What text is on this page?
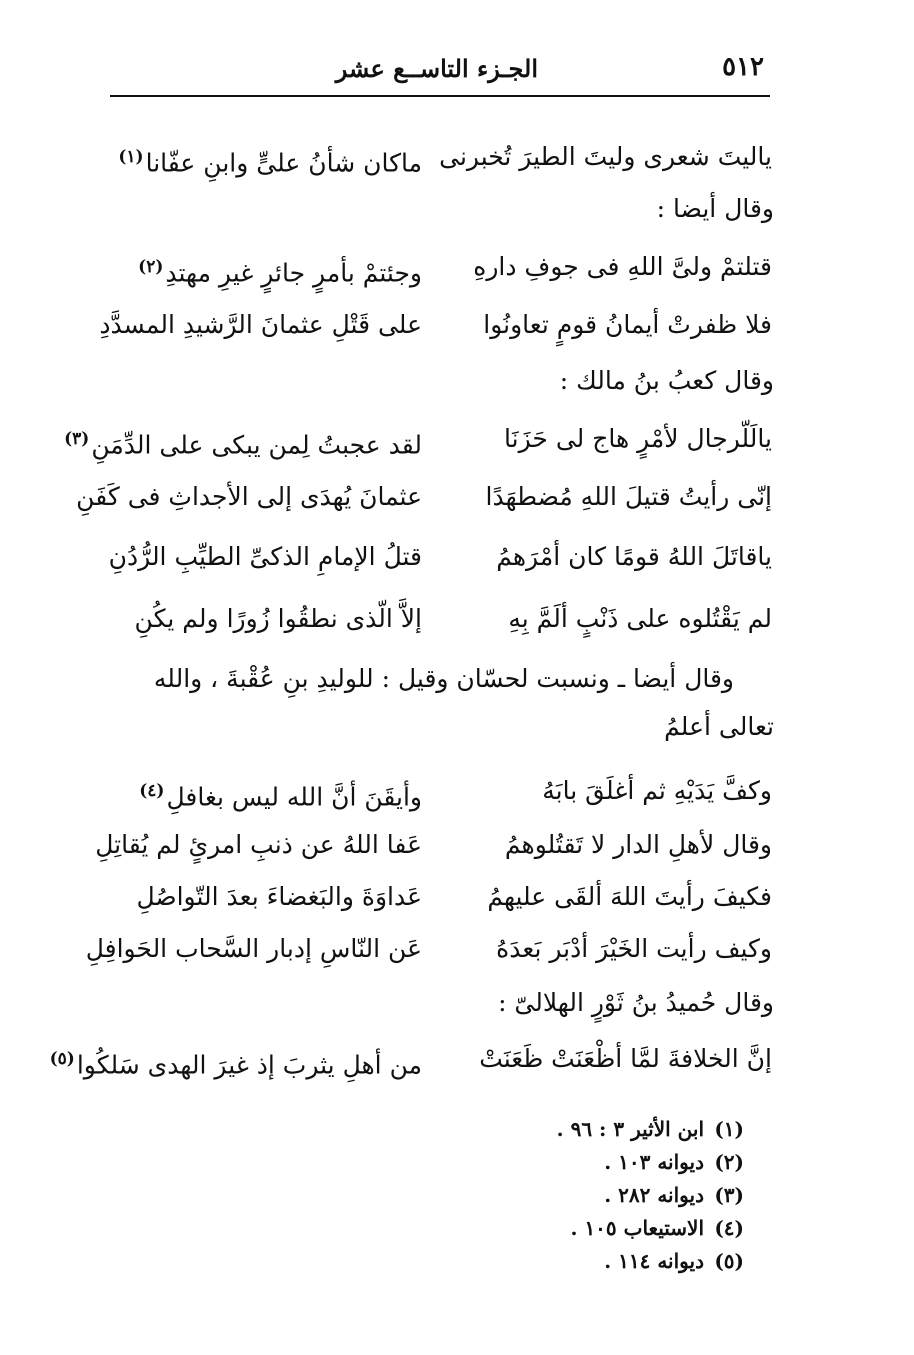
٥١٢
الجـزء التاســع عشر
ياليتَ شعرى وليتَ الطيرَ تُخبرنى
ماكان شأنُ علىٍّ وابنِ عفّانا$^{(١)}$
وقال أيضا :
قتلتمْ ولىَّ اللهِ فى جوفِ دارهِ
وجئتمْ بأمرٍ جائرٍ غيرِ مهتدِ$^{(٢)}$
فلا ظفرتْ أيمانُ قومٍ تعاونُوا
على قَتْلِ عثمانَ الرَّشيدِ المسدَّدِ
وقال كعبُ بنُ مالك :
يالَلّرجال لأمْرٍ هاج لى حَزَنَا
لقد عجبتُ لِمن يبكى على الدِّمَنِ$^{(٣)}$
إنّى رأيتُ قتيلَ اللهِ مُضطهَدًا
عثمانَ يُهدَى إلى الأجداثِ فى كَفَنِ
ياقاتَلَ اللهُ قومًا كان أمْرَهمُ
قتلُ الإمامِ الذكىِّ الطيِّبِ الرُّدُنِ
لم يَقْتُلوه على ذَنْبٍ ألَمَّ بِهِ
إلاَّ الّذى نطقُوا زُورًا ولم يكُنِ
وقال أيضا ـ ونسبت لحسّان وقيل : للوليدِ بنِ عُقْبةَ ، والله
تعالى أعلمُ
وكفَّ يَدَيْهِ ثم أغلَقَ بابَهُ
وأيقَنَ أنَّ الله ليس بغافلِ$^{(٤)}$
وقال لأهلِ الدار لا تَقتُلوهمُ
عَفا اللهُ عن ذنبِ امرئٍ لم يُقاتِلِ
فكيفَ رأيتَ اللهَ ألقَى عليهمُ
عَداوَةَ والبَغضاءَ بعدَ التّواصُلِ
وكيف رأيت الخَيْرَ أدْبَر بَعدَهُ
عَن النّاسِ إدبار السَّحاب الحَوافِلِ
وقال حُميدُ بنُ ثَوْرٍ الهلالىّ :
إنَّ الخلافةَ لمَّا أظْعَنَتْ ظَعَنَتْ
من أهلِ يثربَ إذ غيرَ الهدى سَلكُوا$^{(٥)}$
(١)ابن الأثير ٣ : ٩٦ .
(٢)ديوانه ١٠٣ .
(٣)ديوانه ٢٨٢ .
(٤)الاستيعاب ١٠٥ .
(٥)ديوانه ١١٤ .
